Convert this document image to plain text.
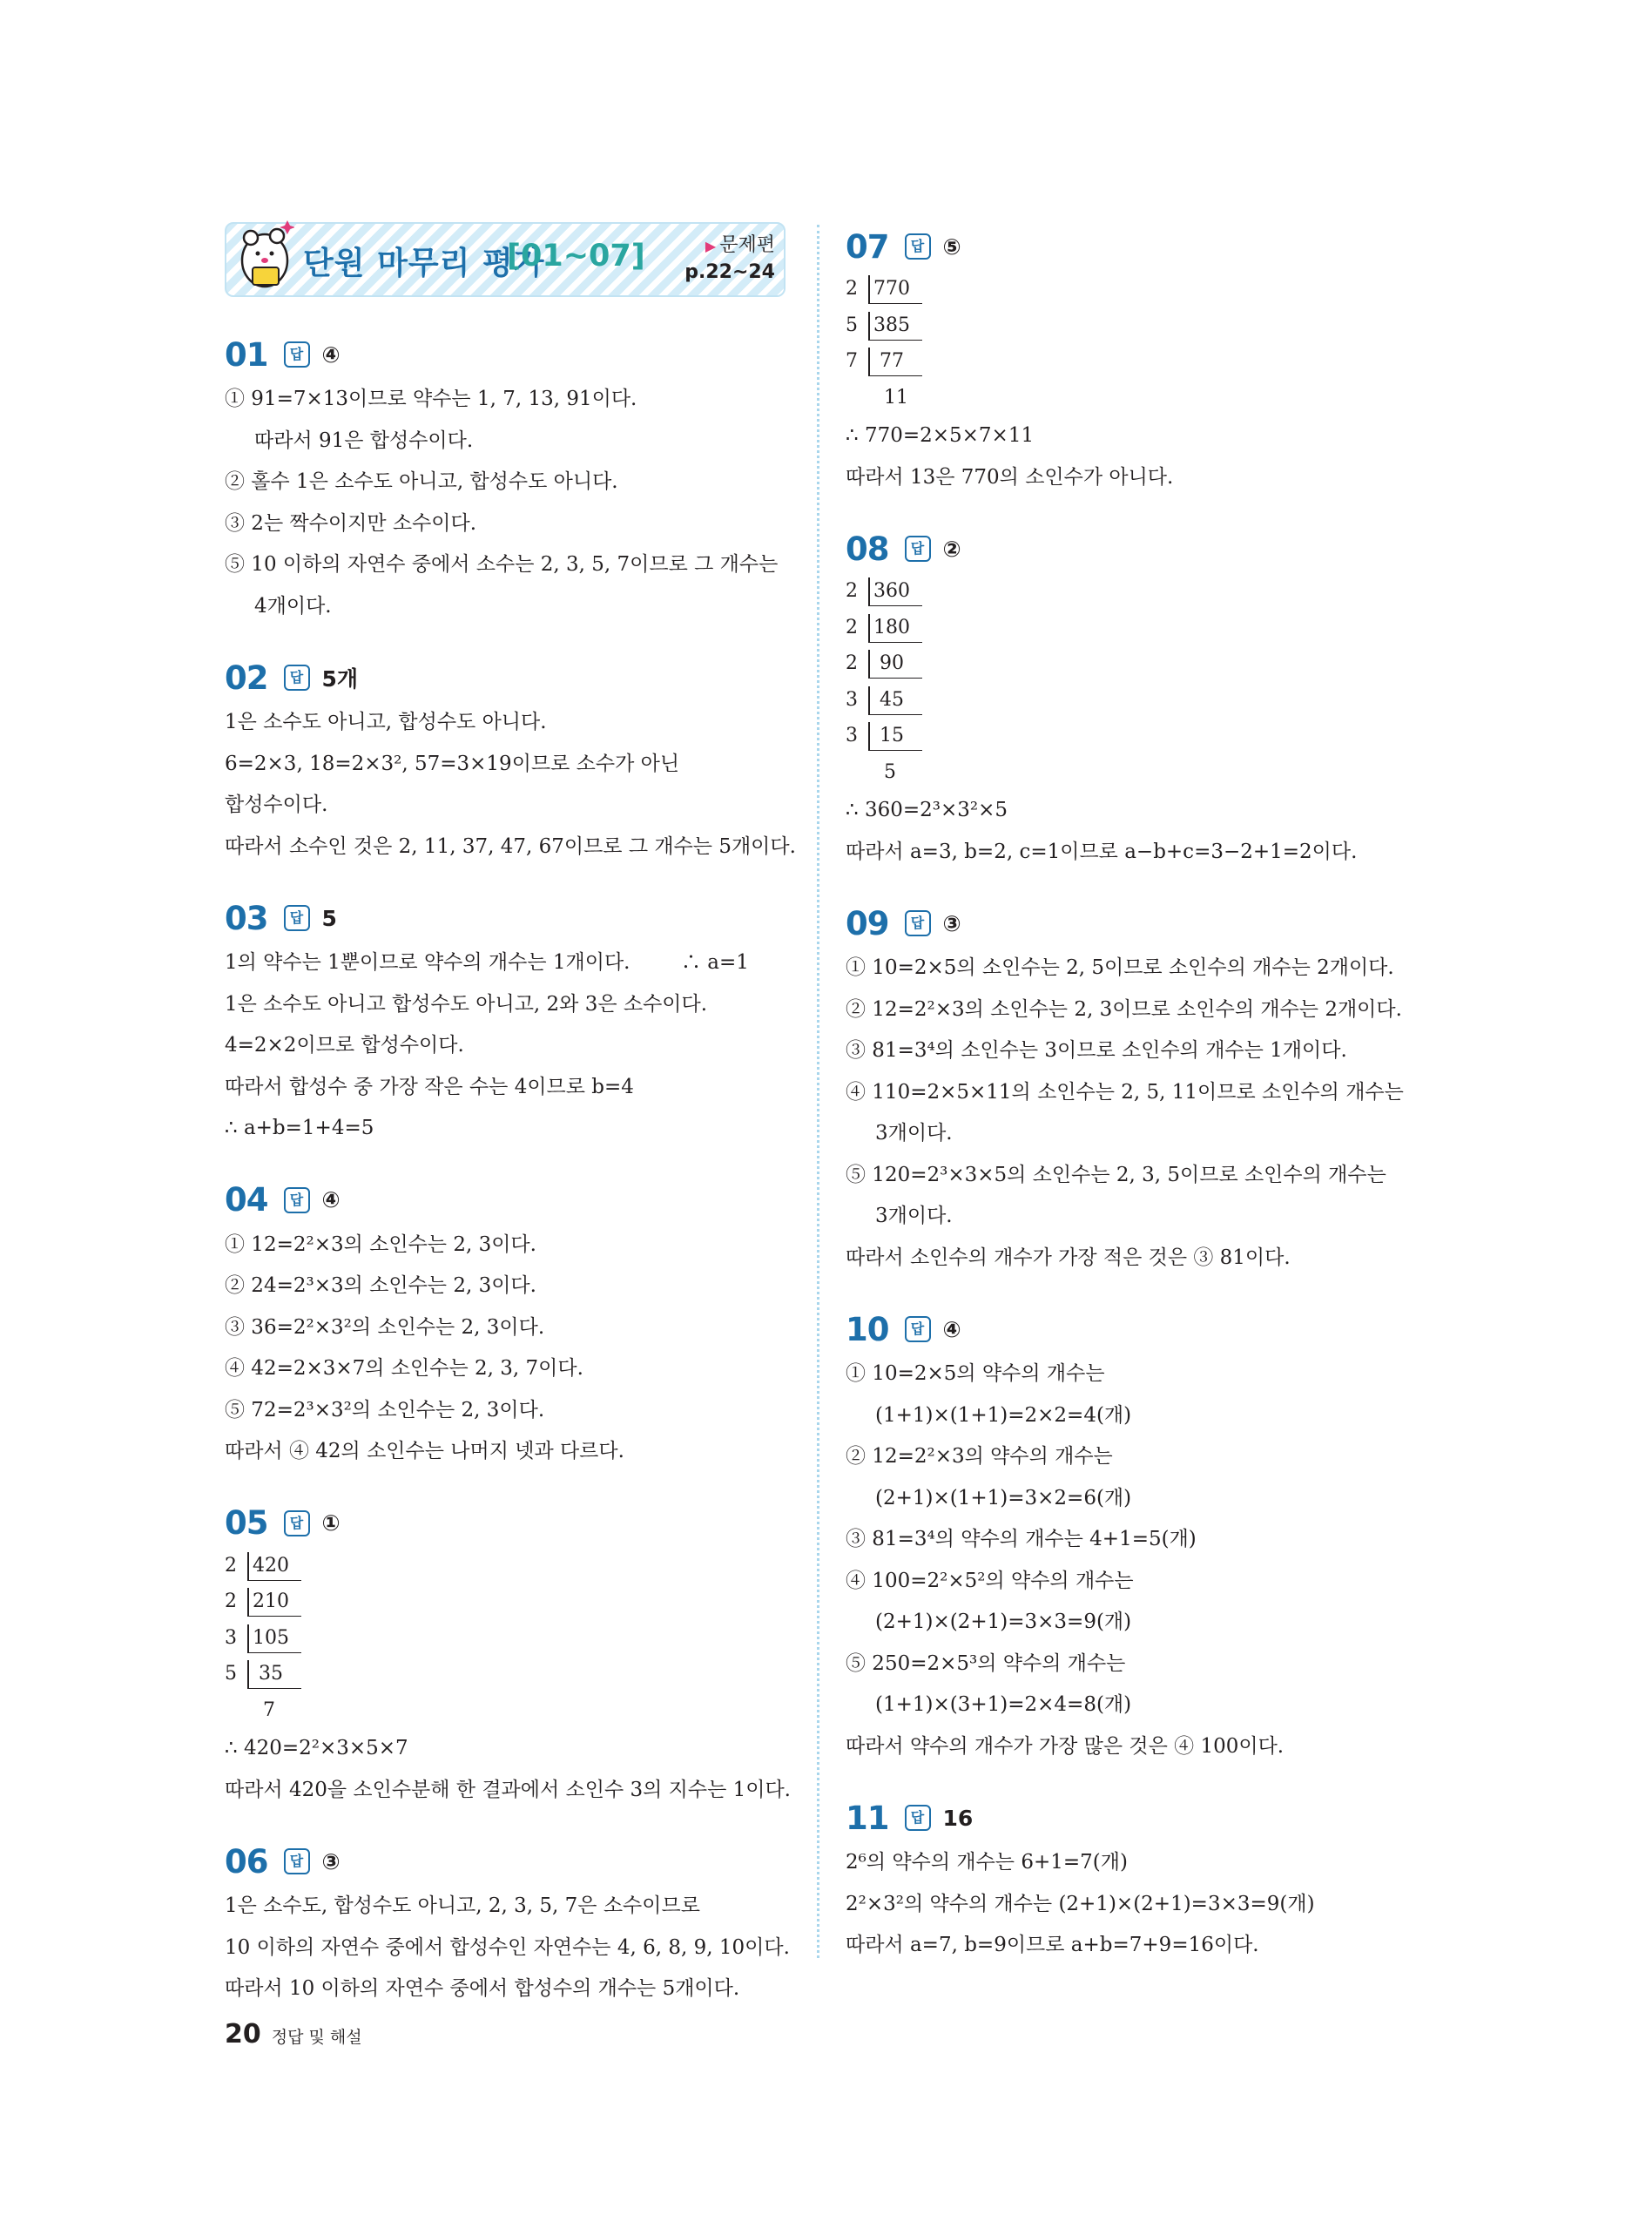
단원 마무리 평가
[01~07]	▶ 문제편
p.22~24
01	답 ④
① 91=7×13이므로 약수는 1, 7, 13, 91이다.
따라서 91은 합성수이다.
② 홀수 1은 소수도 아니고, 합성수도 아니다.
③ 2는 짝수이지만 소수이다.
⑤ 10 이하의 자연수 중에서 소수는 2, 3, 5, 7이므로 그 개수는
4개이다.
02	답 5개
1은 소수도 아니고, 합성수도 아니다.
6=2×3, 18=2×3², 57=3×19이므로 소수가 아닌
합성수이다.
따라서 소수인 것은 2, 11, 37, 47, 67이므로 그 개수는 5개이다.
03	답 5
1의 약수는 1뿐이므로 약수의 개수는 1개이다.        ∴ a=1
1은 소수도 아니고 합성수도 아니고, 2와 3은 소수이다.
4=2×2이므로 합성수이다.
따라서 합성수 중 가장 작은 수는 4이므로 b=4
∴ a+b=1+4=5
04	답 ④
① 12=2²×3의 소인수는 2, 3이다.
② 24=2³×3의 소인수는 2, 3이다.
③ 36=2²×3²의 소인수는 2, 3이다.
④ 42=2×3×7의 소인수는 2, 3, 7이다.
⑤ 72=2³×3²의 소인수는 2, 3이다.
따라서 ④ 42의 소인수는 나머지 넷과 다르다.
05	답 ①
2 420
2 210
3 105
5 35
7
∴ 420=2²×3×5×7
따라서 420을 소인수분해 한 결과에서 소인수 3의 지수는 1이다.
06	답 ③
1은 소수도, 합성수도 아니고, 2, 3, 5, 7은 소수이므로
10 이하의 자연수 중에서 합성수인 자연수는 4, 6, 8, 9, 10이다.
따라서 10 이하의 자연수 중에서 합성수의 개수는 5개이다.
07	답 ⑤
2 770
5 385
7 77
11
∴ 770=2×5×7×11
따라서 13은 770의 소인수가 아니다.
08	답 ②
2 360
2 180
2 90
3 45
3 15
5
∴ 360=2³×3²×5
따라서 a=3, b=2, c=1이므로 a−b+c=3−2+1=2이다.
09	답 ③
① 10=2×5의 소인수는 2, 5이므로 소인수의 개수는 2개이다.
② 12=2²×3의 소인수는 2, 3이므로 소인수의 개수는 2개이다.
③ 81=3⁴의 소인수는 3이므로 소인수의 개수는 1개이다.
④ 110=2×5×11의 소인수는 2, 5, 11이므로 소인수의 개수는
3개이다.
⑤ 120=2³×3×5의 소인수는 2, 3, 5이므로 소인수의 개수는
3개이다.
따라서 소인수의 개수가 가장 적은 것은 ③ 81이다.
10	답 ④
① 10=2×5의 약수의 개수는
(1+1)×(1+1)=2×2=4(개)
② 12=2²×3의 약수의 개수는
(2+1)×(1+1)=3×2=6(개)
③ 81=3⁴의 약수의 개수는 4+1=5(개)
④ 100=2²×5²의 약수의 개수는
(2+1)×(2+1)=3×3=9(개)
⑤ 250=2×5³의 약수의 개수는
(1+1)×(3+1)=2×4=8(개)
따라서 약수의 개수가 가장 많은 것은 ④ 100이다.
11	답 16
2⁶의 약수의 개수는 6+1=7(개)
2²×3²의 약수의 개수는 (2+1)×(2+1)=3×3=9(개)
따라서 a=7, b=9이므로 a+b=7+9=16이다.
20 정답 및 해설
